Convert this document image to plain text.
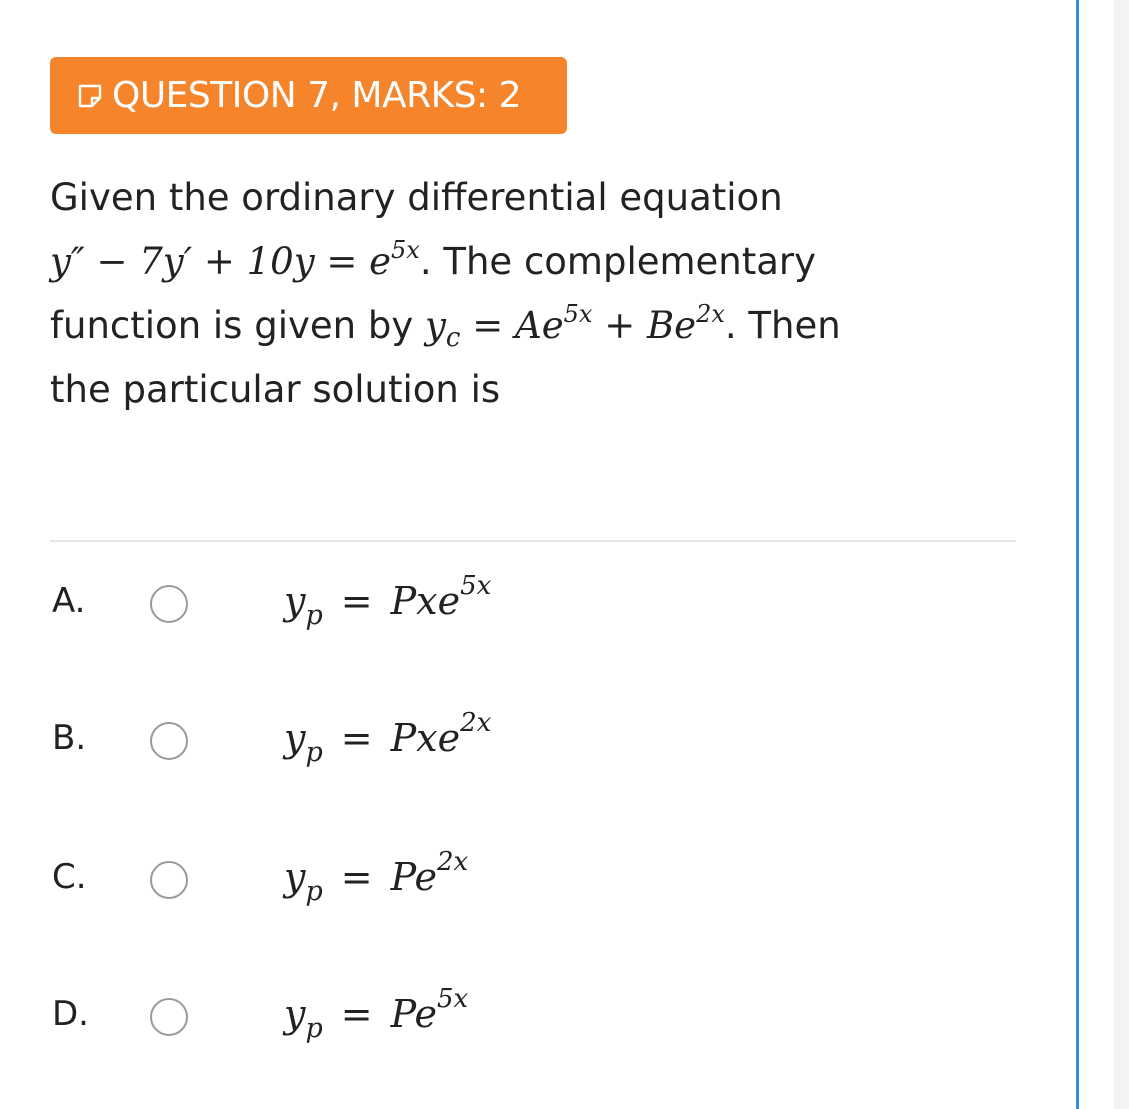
QUESTION 7, MARKS: 2
Given the ordinary differential equation
$y'' - 7y' + 10y = e^{5x}$. The complementary
function is given by $y_c = Ae^{5x} + Be^{2x}$. Then
the particular solution is
A.	$y_p = Pxe^{5x}$
B.	$y_p = Pxe^{2x}$
C.	$y_p = Pe^{2x}$
D.	$y_p = Pe^{5x}$
